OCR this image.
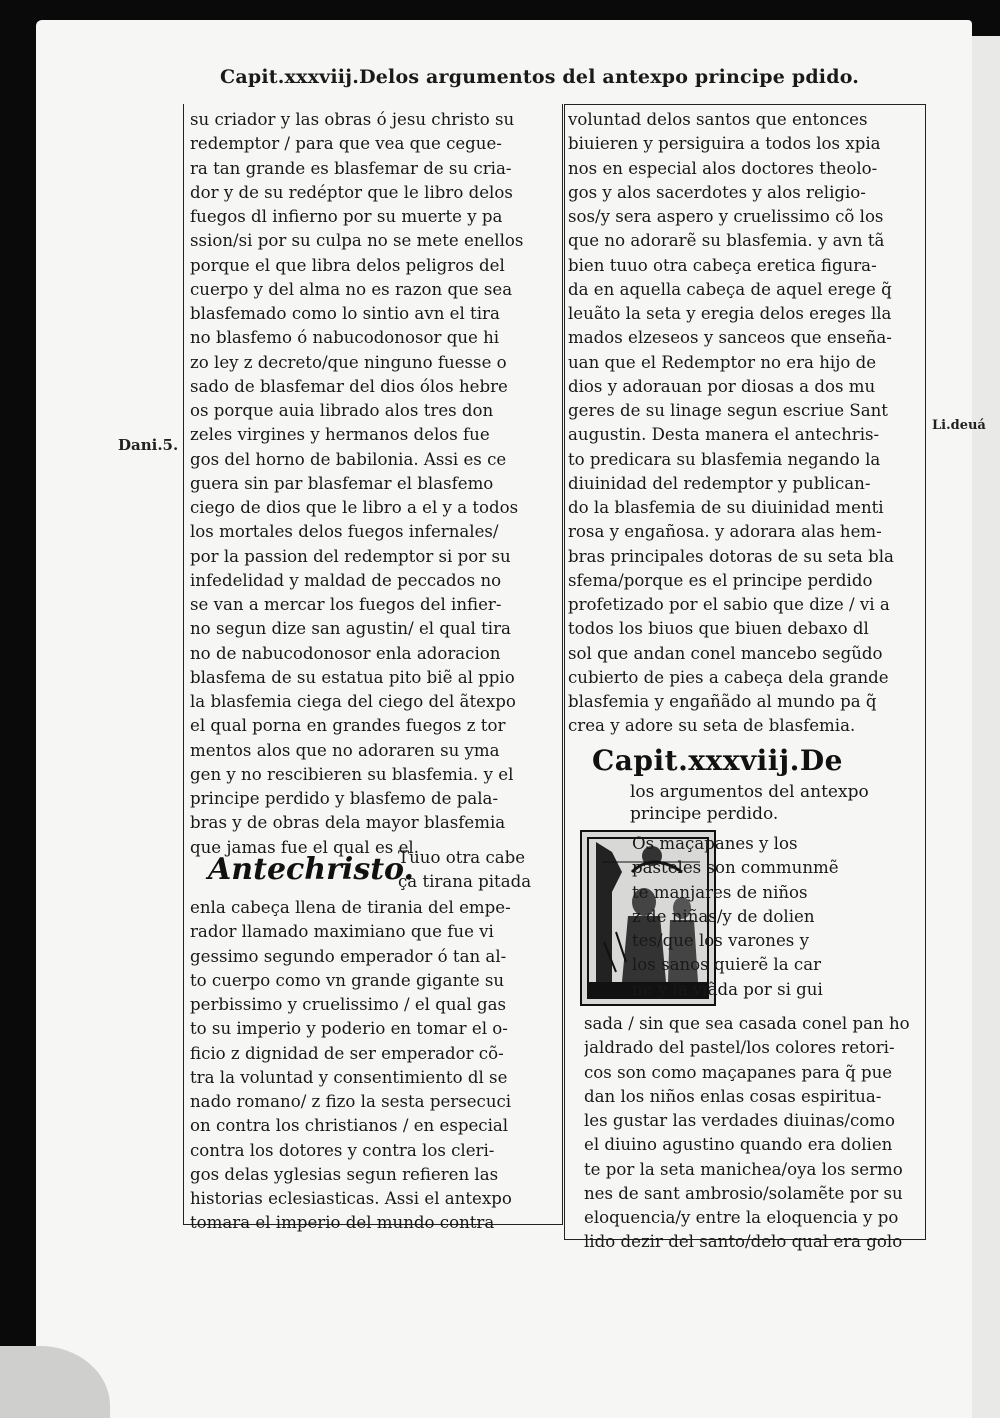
Capit.xxxviij.Delos argumentos del antexpo principe pdido.
Dani.5.
Li.deuá
su criador y las obras ó jesu christo su
redemptor / para que vea que ceguе-
ra tan grande es blasfemar de su cria-
dor y de su redéptor que le libro delos
fuegos dl infierno por su muerte y pa
ssion/si por su culpa no se mete enellos
porque el que libra delos peligros del
cuerpo y del alma no es razon que sea
blasfemado como lo sintio avn el tira
no blasfemo ó nabucodonosor que hi
zo ley z decreto/que ninguno fuesse o
sado de blasfemar del dios ólos hebre
os porque auia librado alos tres don
zeles virgines y hermanos delos fue
gos del horno de babilonia. Assi es ce
guera sin par blasfemar el blasfemo
ciego de dios que le libro a el y a todos
los mortales delos fuegos infernales/
por la passion del redemptor si por su
infedelidad y maldad de peccados no
se van a mercar los fuegos del infier-
no segun dize san agustin/ el qual tira
no de nabucodonosor enla adoracion
blasfema de su estatua pito biẽ al ppio
la blasfemia ciega del ciego del ãtexpo
el qual porna en grandes fuegos z tor
mentos alos que no adoraren su yma
gen y no rescibieren su blasfemia. y el
principe perdido y blasfemo de pala-
bras y de obras dela mayor blasfemia
que jamas fue el qual es el.
Antechristo.
Tuuo otra cabe
ça tirana pitada
enla cabeça llena de tirania del empe-
rador llamado maximiano que fue vi
gessimo segundo emperador ó tan al-
to cuerpo como vn grande gigante su
perbissimo y cruelissimo / el qual gas
to su imperio y poderio en tomar el o-
ficio z dignidad de ser emperador cõ-
tra la voluntad y consentimiento dl se
nado romano/ z fizo la sesta persecuci
on contra los christianos / en especial
contra los dotores y contra los cleri-
gos delas yglesias segun refieren las
historias eclesiasticas. Assi el antexpo
tomara el imperio del mundo contra
voluntad delos santos que entonces
biuieren y persiguira a todos los xpia
nos en especial alos doctores theolo-
gos y alos sacerdotes y alos religio-
sos/y sera aspero y cruelissimo cõ los
que no adorarẽ su blasfemia. y avn tã
bien tuuo otra cabeça eretica figura-
da en aquella cabeça de aquel erege q̃
leuãto la seta y eregia delos ereges lla
mados elzeseos y sanceos que enseña-
uan que el Redemptor no era hijo de
dios y adorauan por diosas a dos mu
geres de su linage segun escriue Sant
augustin. Desta manera el antechris-
to predicara su blasfemia negando la
diuinidad del redemptor y publican-
do la blasfemia de su diuinidad menti
rosa y engañosa. y adorara alas hem-
bras principales dotoras de su seta bla
sfema/porque es el principe perdido
profetizado por el sabio que dize / vi a
todos los biuos que biuen debaxo dl
sol que andan conel mancebo segũdo
cubierto de pies a cabeça dela grande
blasfemia y engañãdo al mundo pa q̃
crea y adore su seta de blasfemia.
Capit.xxxviij.De
los argumentos del antexpo
principe perdido.
Os maçapanes y los
pasteles son communmẽ
te manjares de niños
z de niñas/y de dolien
tes/que los varones y
los sanos quierẽ la car
ne y la viãda por si gui
sada / sin que sea casada conel pan ho
jaldrado del pastel/los colores retori-
cos son como maçapanes para q̃ pue
dan los niños enlas cosas espiritua-
les gustar las verdades diuinas/como
el diuino agustino quando era dolien
te por la seta manichea/oya los sermo
nes de sant ambrosio/solamẽte por su
eloquencia/y entre la eloquencia y po
lido dezir del santo/delo qual era golo
